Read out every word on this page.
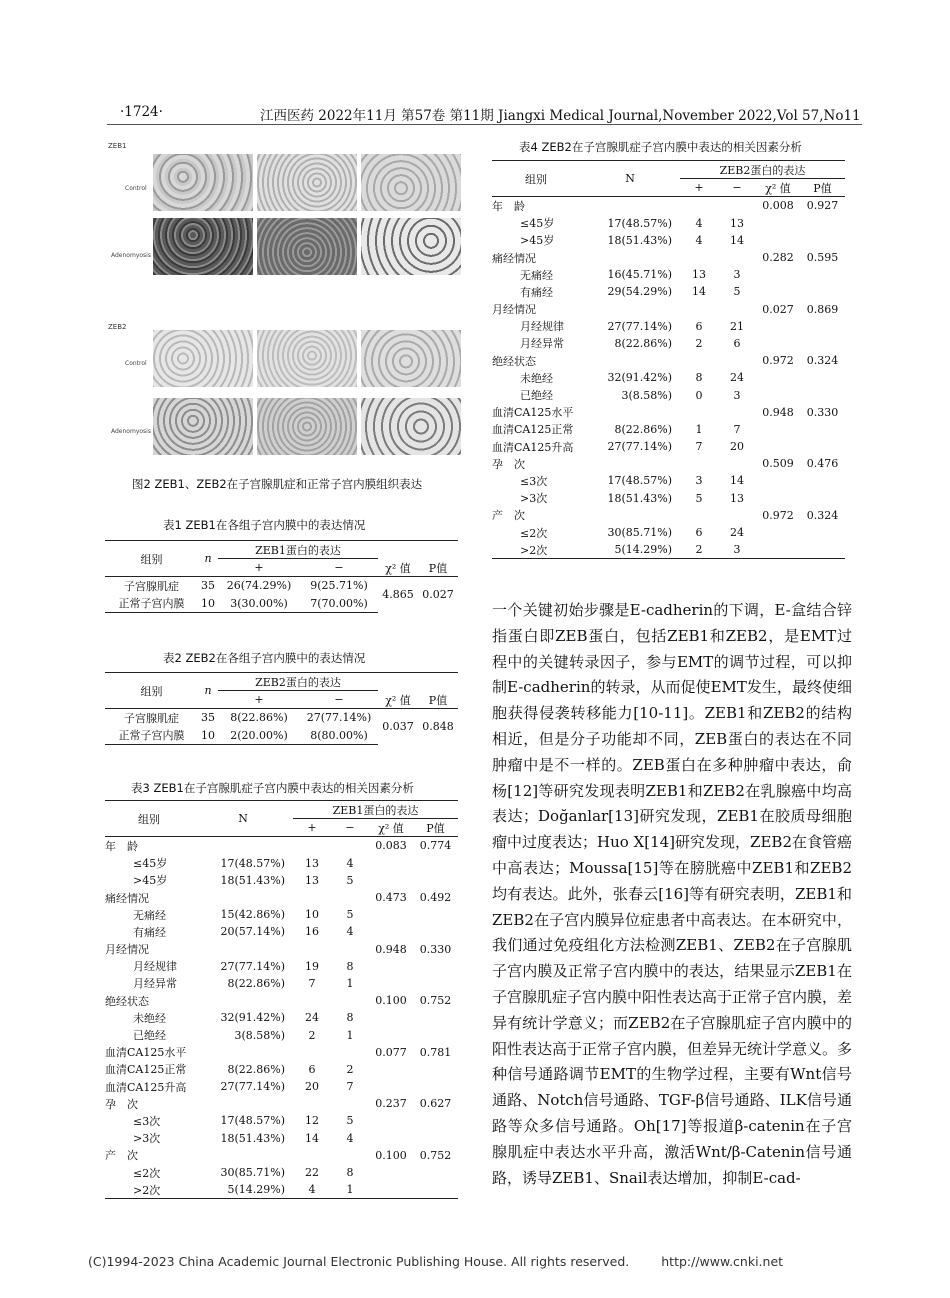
·1724·	江西医药 2022年11月 第57卷 第11期 Jiangxi Medical Journal,November 2022,Vol 57,No11
ZEB1
Control
Adenomyosis
ZEB2
Control
Adenomyosis
图2 ZEB1、ZEB2在子宫腺肌症和正常子宫内膜组织表达
表1 ZEB1在各组子宫内膜中的表达情况
组别	n	ZEB1蛋白的表达			
		+	−	χ² 值	P值
子宫腺肌症	35	26(74.29%)	9(25.71%)	4.865	0.027
正常子宫内膜	10	3(30.00%)	7(70.00%)		
表2 ZEB2在各组子宫内膜中的表达情况
组别	n	ZEB2蛋白的表达			
		+	−	χ² 值	P值
子宫腺肌症	35	8(22.86%)	27(77.14%)	0.037	0.848
正常子宫内膜	10	2(20.00%)	8(80.00%)		
表3 ZEB1在子宫腺肌症子宫内膜中表达的相关因素分析
组别	N	ZEB1蛋白的表达			
		+	−	χ² 值	P值
年　龄				0.083	0.774
≤45岁	17(48.57%)	13	4		
>45岁	18(51.43%)	13	5		
痛经情况				0.473	0.492
无痛经	15(42.86%)	10	5		
有痛经	20(57.14%)	16	4		
月经情况				0.948	0.330
月经规律	27(77.14%)	19	8		
月经异常	8(22.86%)	7	1		
绝经状态				0.100	0.752
未绝经	32(91.42%)	24	8		
已绝经	3(8.58%)	2	1		
血清CA125水平				0.077	0.781
血清CA125正常	8(22.86%)	6	2		
血清CA125升高	27(77.14%)	20	7		
孕　次				0.237	0.627
≤3次	17(48.57%)	12	5		
>3次	18(51.43%)	14	4		
产　次				0.100	0.752
≤2次	30(85.71%)	22	8		
>2次	5(14.29%)	4	1		
表4 ZEB2在子宫腺肌症子宫内膜中表达的相关因素分析
组别	N	ZEB2蛋白的表达			
		+	−	χ² 值	P值
年　龄				0.008	0.927
≤45岁	17(48.57%)	4	13		
>45岁	18(51.43%)	4	14		
痛经情况				0.282	0.595
无痛经	16(45.71%)	13	3		
有痛经	29(54.29%)	14	5		
月经情况				0.027	0.869
月经规律	27(77.14%)	6	21		
月经异常	8(22.86%)	2	6		
绝经状态				0.972	0.324
未绝经	32(91.42%)	8	24		
已绝经	3(8.58%)	0	3		
血清CA125水平				0.948	0.330
血清CA125正常	8(22.86%)	1	7		
血清CA125升高	27(77.14%)	7	20		
孕　次				0.509	0.476
≤3次	17(48.57%)	3	14		
>3次	18(51.43%)	5	13		
产　次				0.972	0.324
≤2次	30(85.71%)	6	24		
>2次	5(14.29%)	2	3		

一个关键初始步骤是E-cadherin的下调，E-盒结合锌指蛋白即ZEB蛋白，包括ZEB1和ZEB2，是EMT过程中的关键转录因子，参与EMT的调节过程，可以抑制E-cadherin的转录，从而促使EMT发生，最终使细胞获得侵袭转移能力[10-11]。ZEB1和ZEB2的结构相近，但是分子功能却不同，ZEB蛋白的表达在不同肿瘤中是不一样的。ZEB蛋白在多种肿瘤中表达，俞杨[12]等研究发现表明ZEB1和ZEB2在乳腺癌中均高表达；Doğanlar[13]研究发现，ZEB1在胶质母细胞瘤中过度表达；Huo X[14]研究发现，ZEB2在食管癌中高表达；Moussa[15]等在膀胱癌中ZEB1和ZEB2均有表达。此外，张春云[16]等有研究表明，ZEB1和ZEB2在子宫内膜异位症患者中高表达。在本研究中，我们通过免疫组化方法检测ZEB1、ZEB2在子宫腺肌子宫内膜及正常子宫内膜中的表达，结果显示ZEB1在子宫腺肌症子宫内膜中阳性表达高于正常子宫内膜，差异有统计学意义；而ZEB2在子宫腺肌症子宫内膜中的阳性表达高于正常子宫内膜，但差异无统计学意义。多种信号通路调节EMT的生物学过程，主要有Wnt信号通路、Notch信号通路、TGF-β信号通路、ILK信号通路等众多信号通路。Oh[17]等报道β-catenin在子宫腺肌症中表达水平升高，激活Wnt/β-Catenin信号通路，诱导ZEB1、Snail表达增加，抑制E-cad-

(C)1994-2023 China Academic Journal Electronic Publishing House. All rights reserved.	http://www.cnki.net
